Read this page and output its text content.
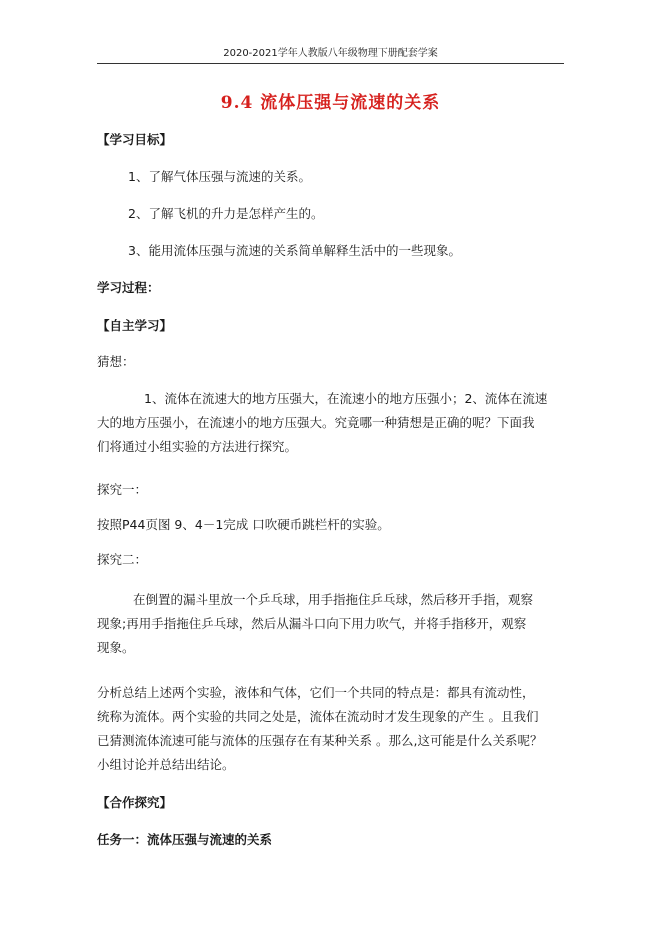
2020-2021学年人教版八年级物理下册配套学案
9.4 流体压强与流速的关系
【学习目标】
1、了解气体压强与流速的关系。
2、了解飞机的升力是怎样产生的。
3、能用流体压强与流速的关系简单解释生活中的一些现象。
学习过程：
【自主学习】
猜想：
1、流体在流速大的地方压强大，在流速小的地方压强小；2、流体在流速
大的地方压强小，在流速小的地方压强大。究竟哪一种猜想是正确的呢？下面我
们将通过小组实验的方法进行探究。
探究一：
按照P44页图 9、4－1完成 口吹硬币跳栏杆的实验。
探究二：
在倒置的漏斗里放一个乒乓球，用手指拖住乒乓球，然后移开手指，观察
现象;再用手指拖住乒乓球，然后从漏斗口向下用力吹气，并将手指移开，观察
现象。
分析总结上述两个实验，液体和气体，它们一个共同的特点是：都具有流动性，
统称为流体。两个实验的共同之处是，流体在流动时才发生现象的产生 。且我们
已猜测流体流速可能与流体的压强存在有某种关系 。那么,这可能是什么关系呢？
小组讨论并总结出结论。
【合作探究】
任务一：流体压强与流速的关系
